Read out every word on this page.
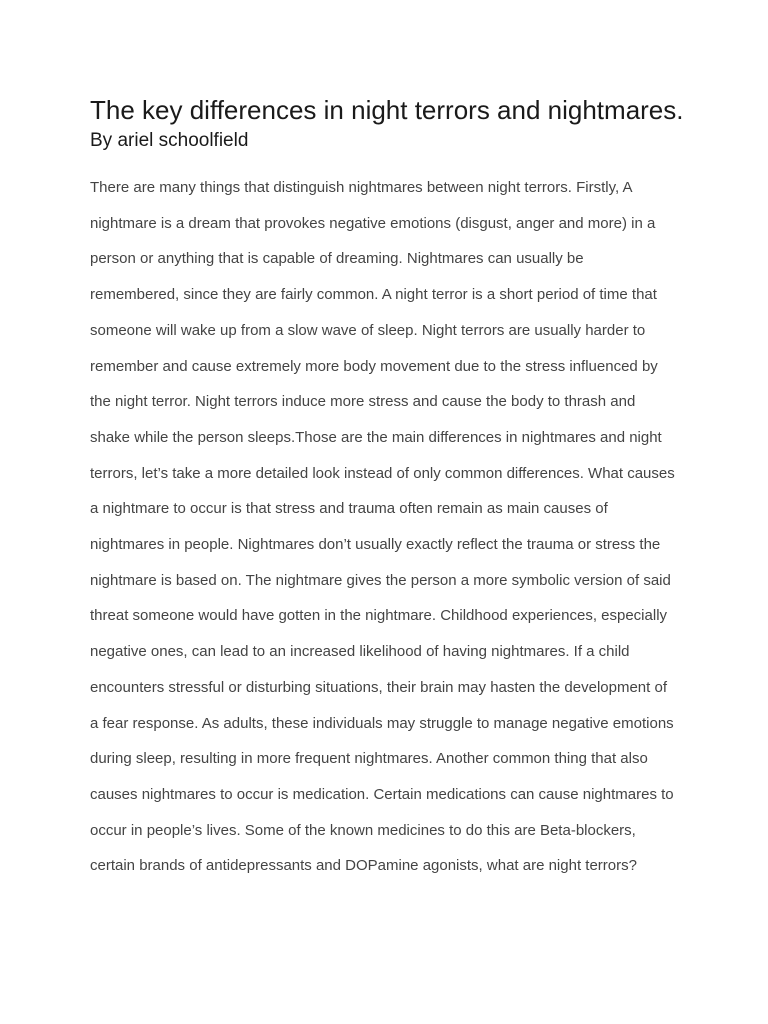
The key differences in night terrors and nightmares.

By ariel schoolfield

There are many things that distinguish nightmares between night terrors. Firstly, A
nightmare is a dream that provokes negative emotions (disgust, anger and more) in a
person or anything that is capable of dreaming. Nightmares can usually be
remembered, since they are fairly common. A night terror is a short period of time that
someone will wake up from a slow wave of sleep. Night terrors are usually harder to
remember and cause extremely more body movement due to the stress influenced by
the night terror. Night terrors induce more stress and cause the body to thrash and
shake while the person sleeps.Those are the main differences in nightmares and night
terrors, let’s take a more detailed look instead of only common differences. What causes
a nightmare to occur is that stress and trauma often remain as main causes of
nightmares in people. Nightmares don’t usually exactly reflect the trauma or stress the
nightmare is based on. The nightmare gives the person a more symbolic version of said
threat someone would have gotten in the nightmare. Childhood experiences, especially
negative ones, can lead to an increased likelihood of having nightmares. If a child
encounters stressful or disturbing situations, their brain may hasten the development of
a fear response. As adults, these individuals may struggle to manage negative emotions
during sleep, resulting in more frequent nightmares. Another common thing that also
causes nightmares to occur is medication. Certain medications can cause nightmares to
occur in people’s lives. Some of the known medicines to do this are Beta-blockers,
certain brands of antidepressants and DOPamine agonists, what are night terrors?
